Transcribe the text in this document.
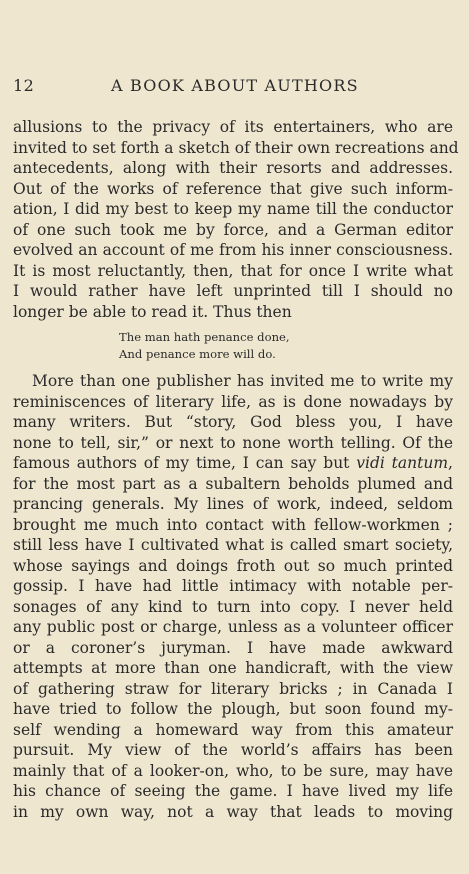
12	A BOOK ABOUT AUTHORS
allusions to the privacy of its entertainers, who are
invited to set forth a sketch of their own recreations and
antecedents, along with their resorts and addresses.
Out of the works of reference that give such inform-
ation, I did my best to keep my name till the conductor
of one such took me by force, and a German editor
evolved an account of me from his inner consciousness.
It is most reluctantly, then, that for once I write what
I would rather have left unprinted till I should no
longer be able to read it. Thus then
The man hath penance done,
And penance more will do.
More than one publisher has invited me to write my
reminiscences of literary life, as is done nowadays by
many writers. But “story, God bless you, I have
none to tell, sir,” or next to none worth telling. Of the
famous authors of my time, I can say but vidi tantum,
for the most part as a subaltern beholds plumed and
prancing generals. My lines of work, indeed, seldom
brought me much into contact with fellow-workmen ;
still less have I cultivated what is called smart society,
whose sayings and doings froth out so much printed
gossip. I have had little intimacy with notable per-
sonages of any kind to turn into copy. I never held
any public post or charge, unless as a volunteer officer
or a coroner’s juryman. I have made awkward
attempts at more than one handicraft, with the view
of gathering straw for literary bricks ; in Canada I
have tried to follow the plough, but soon found my-
self wending a homeward way from this amateur
pursuit. My view of the world’s affairs has been
mainly that of a looker-on, who, to be sure, may have
his chance of seeing the game. I have lived my life
in my own way, not a way that leads to moving
